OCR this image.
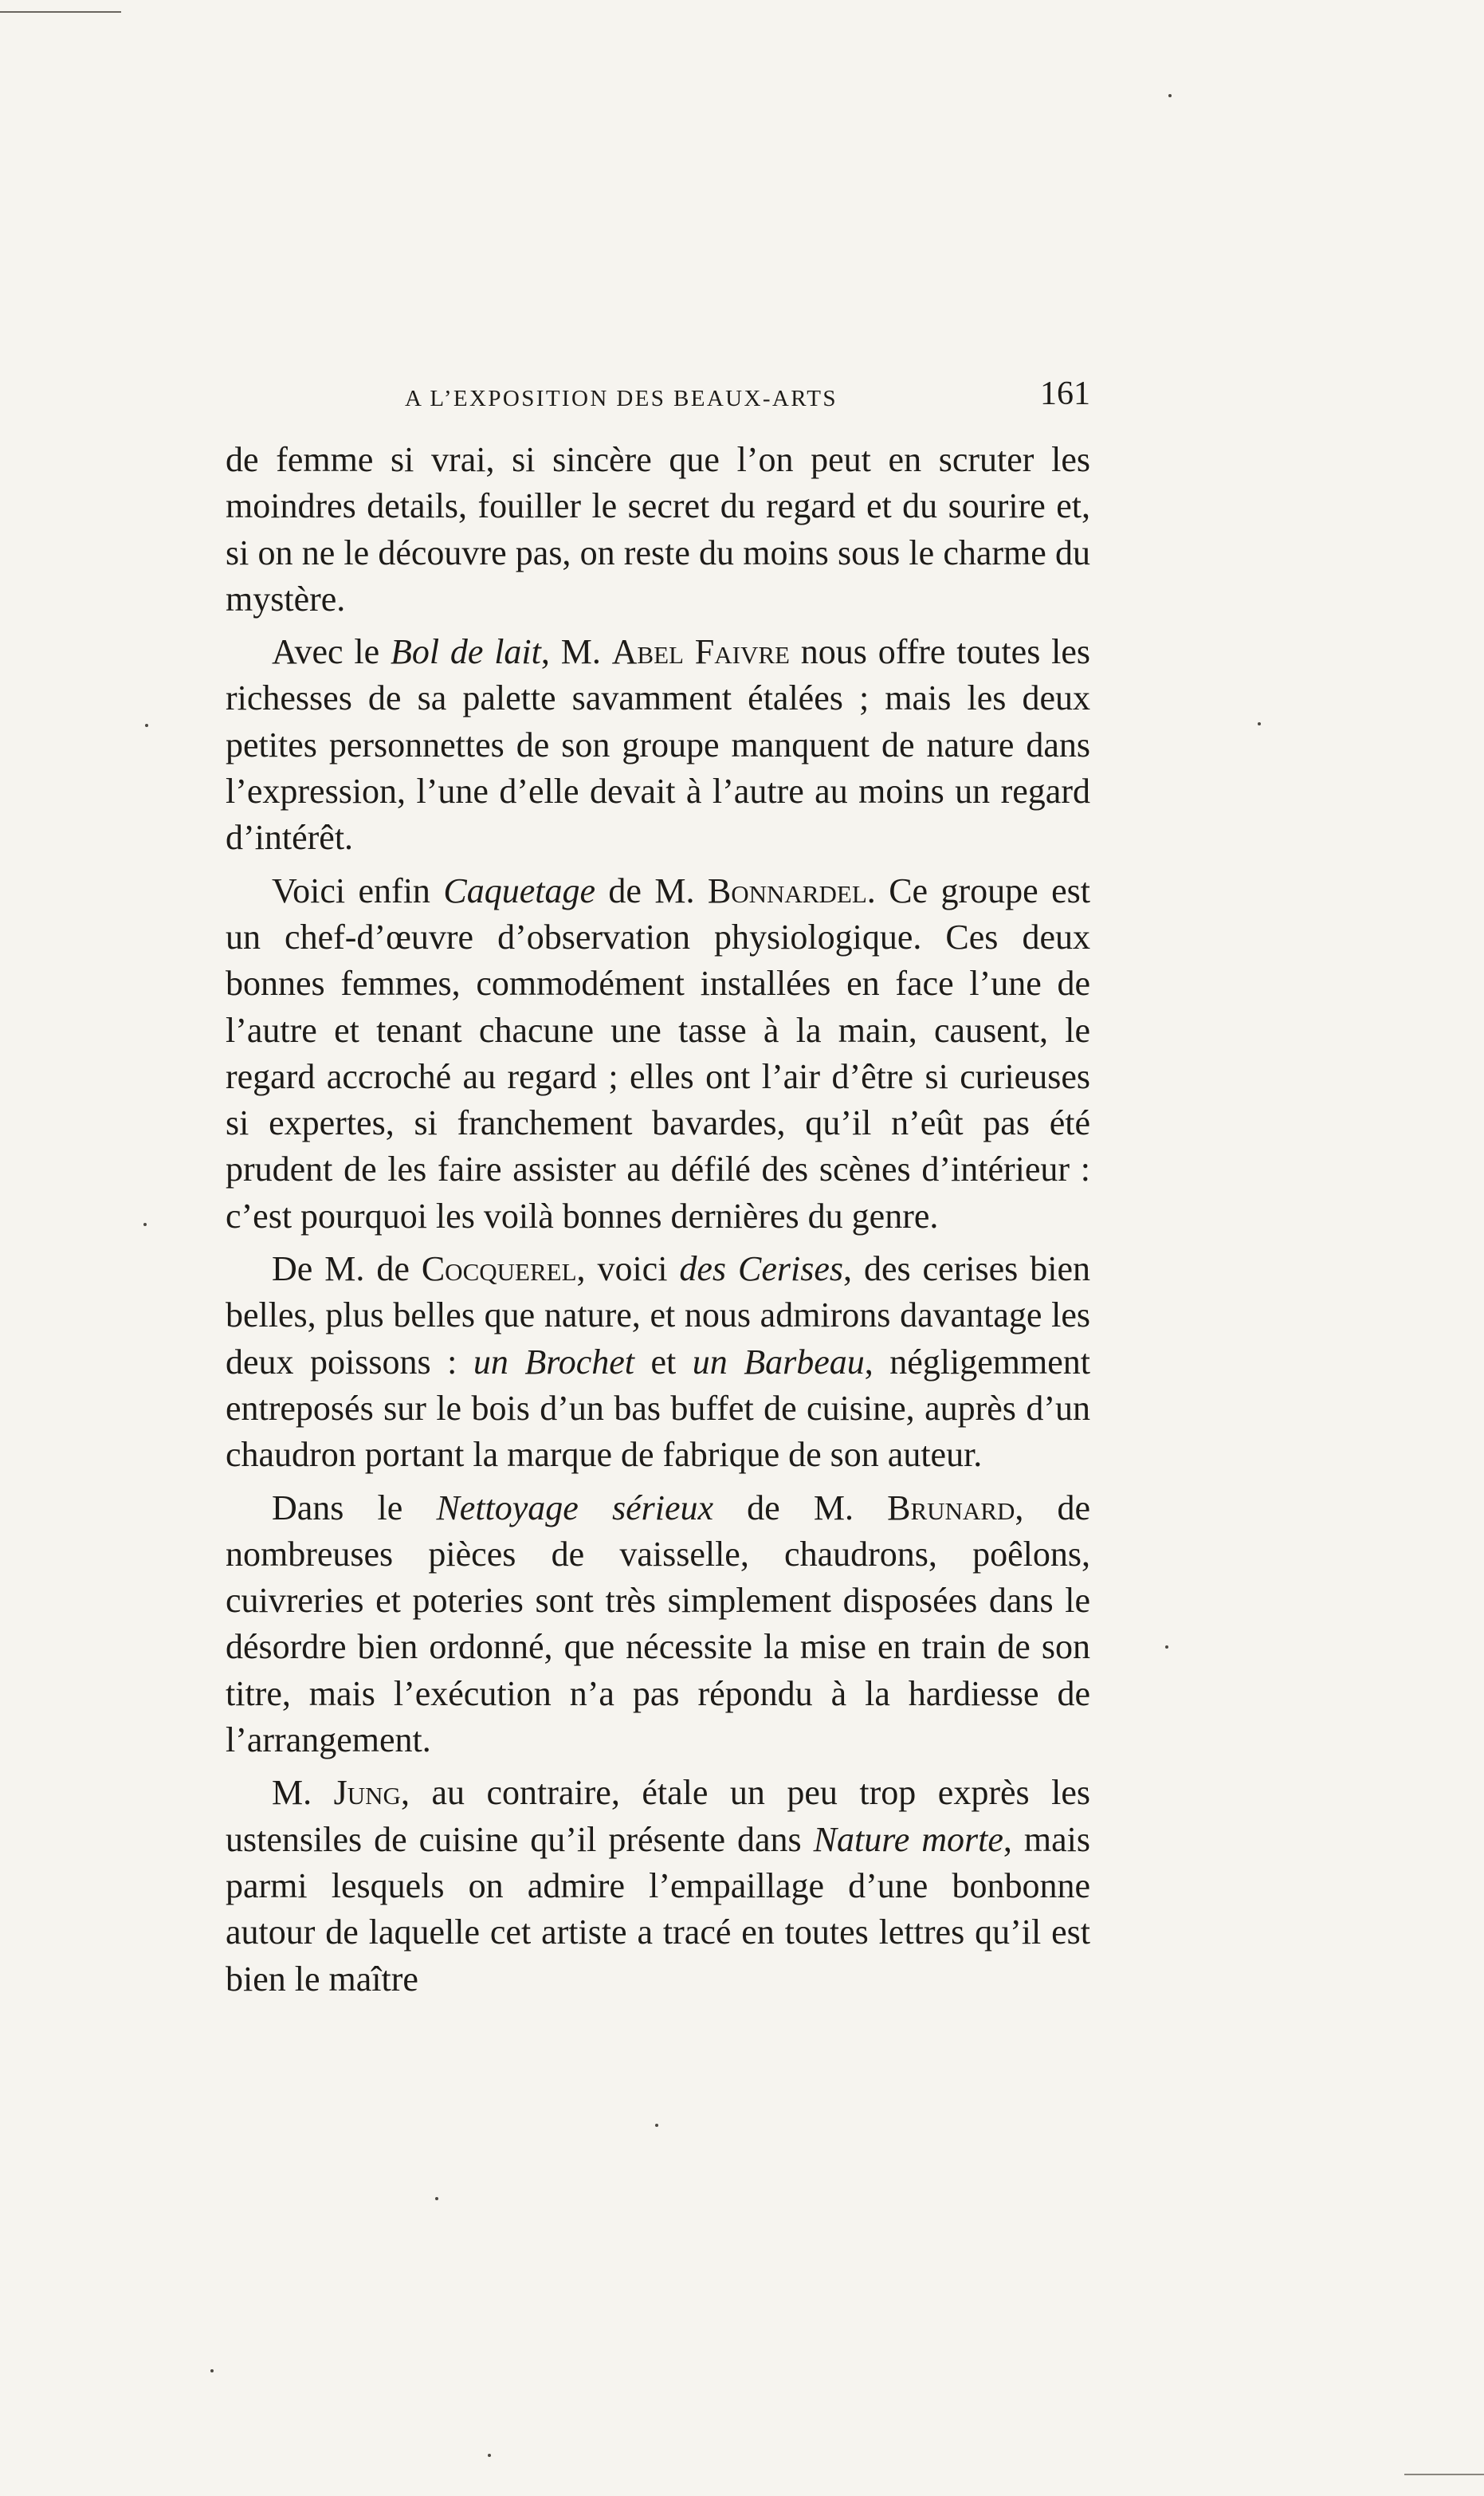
A L’EXPOSITION DES BEAUX-ARTS	161

de femme si vrai, si sincère que l’on peut en scruter les moindres details, fouiller le secret du regard et du sourire et, si on ne le découvre pas, on reste du moins sous le charme du mystère.

Avec le Bol de lait, M. Abel Faivre nous offre toutes les richesses de sa palette savamment étalées ; mais les deux petites personnettes de son groupe manquent de nature dans l’expression, l’une d’elle devait à l’autre au moins un regard d’intérêt.

Voici enfin Caquetage de M. Bonnardel. Ce groupe est un chef-d’œuvre d’observation physiologique. Ces deux bonnes femmes, commodément installées en face l’une de l’autre et tenant chacune une tasse à la main, causent, le regard accroché au regard ; elles ont l’air d’être si curieuses si expertes, si franchement bavardes, qu’il n’eût pas été prudent de les faire assister au défilé des scènes d’intérieur : c’est pourquoi les voilà bonnes dernières du genre.

De M. de Cocquerel, voici des Cerises, des cerises bien belles, plus belles que nature, et nous admirons davantage les deux poissons : un Brochet et un Barbeau, négligemment entreposés sur le bois d’un bas buffet de cuisine, auprès d’un chaudron portant la marque de fabrique de son auteur.

Dans le Nettoyage sérieux de M. Brunard, de nombreuses pièces de vaisselle, chaudrons, poêlons, cuivreries et poteries sont très simplement disposées dans le désordre bien ordonné, que nécessite la mise en train de son titre, mais l’exécution n’a pas répondu à la hardiesse de l’arrangement.

M. Jung, au contraire, étale un peu trop exprès les ustensiles de cuisine qu’il présente dans Nature morte, mais parmi lesquels on admire l’empaillage d’une bonbonne autour de laquelle cet artiste a tracé en toutes lettres qu’il est bien le maître
